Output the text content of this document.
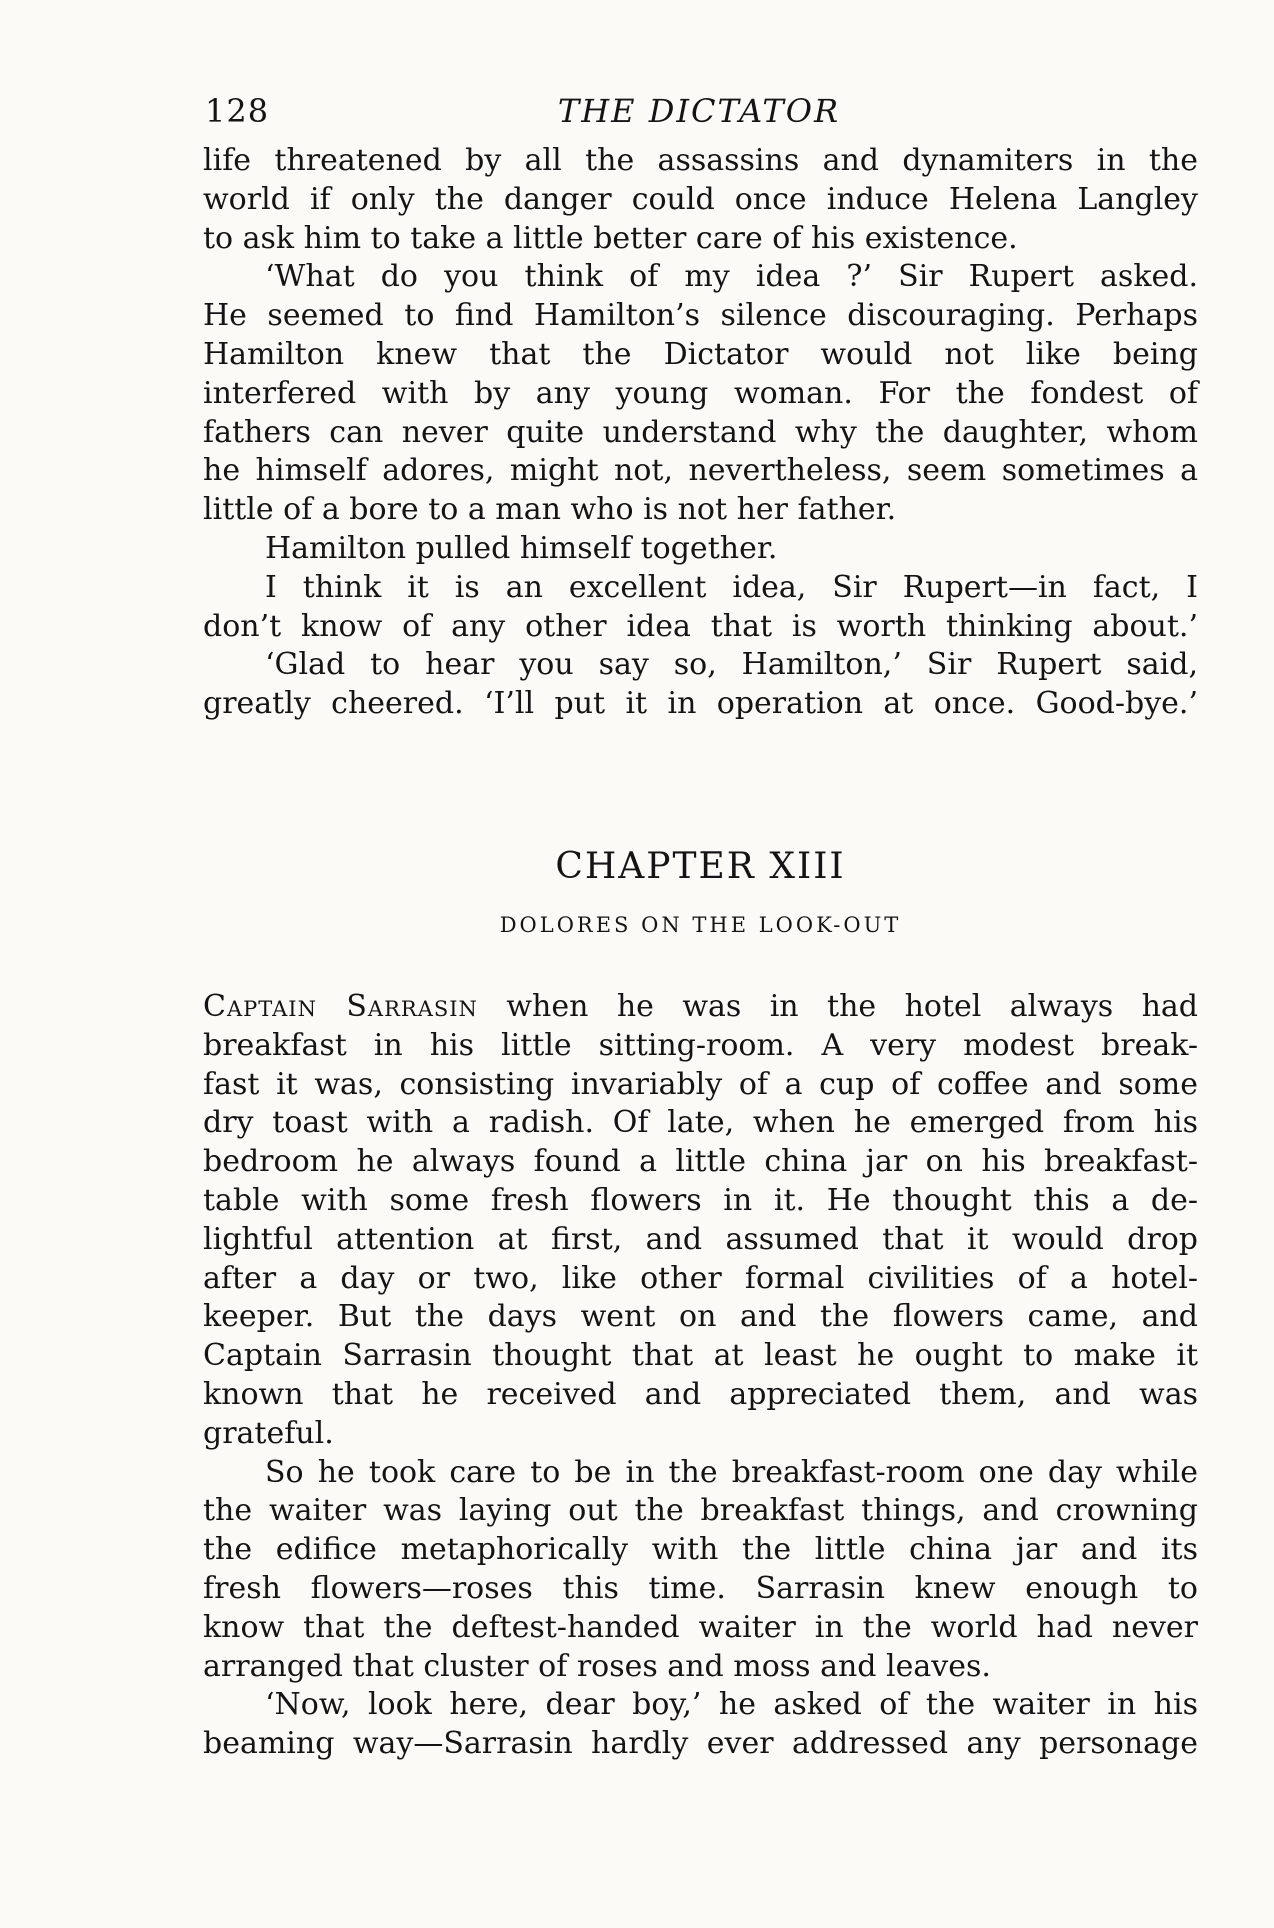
128	THE DICTATOR
life threatened by all the assassins and dynamiters in the
world if only the danger could once induce Helena Langley
to ask him to take a little better care of his existence.
‘What do you think of my idea ?’ Sir Rupert asked.
He seemed to find Hamilton’s silence discouraging. Perhaps
Hamilton knew that the Dictator would not like being
interfered with by any young woman. For the fondest of
fathers can never quite understand why the daughter, whom
he himself adores, might not, nevertheless, seem sometimes a
little of a bore to a man who is not her father.
Hamilton pulled himself together.
I think it is an excellent idea, Sir Rupert—in fact, I
don’t know of any other idea that is worth thinking about.’
‘Glad to hear you say so, Hamilton,’ Sir Rupert said,
greatly cheered. ‘I’ll put it in operation at once. Good-bye.’
CHAPTER XIII
DOLORES ON THE LOOK-OUT
Captain Sarrasin when he was in the hotel always had
breakfast in his little sitting-room. A very modest break-
fast it was, consisting invariably of a cup of coffee and some
dry toast with a radish. Of late, when he emerged from his
bedroom he always found a little china jar on his breakfast-
table with some fresh flowers in it. He thought this a de-
lightful attention at first, and assumed that it would drop
after a day or two, like other formal civilities of a hotel-
keeper. But the days went on and the flowers came, and
Captain Sarrasin thought that at least he ought to make it
known that he received and appreciated them, and was
grateful.
So he took care to be in the breakfast-room one day while
the waiter was laying out the breakfast things, and crowning
the edifice metaphorically with the little china jar and its
fresh flowers—roses this time. Sarrasin knew enough to
know that the deftest-handed waiter in the world had never
arranged that cluster of roses and moss and leaves.
‘Now, look here, dear boy,’ he asked of the waiter in his
beaming way—Sarrasin hardly ever addressed any personage
